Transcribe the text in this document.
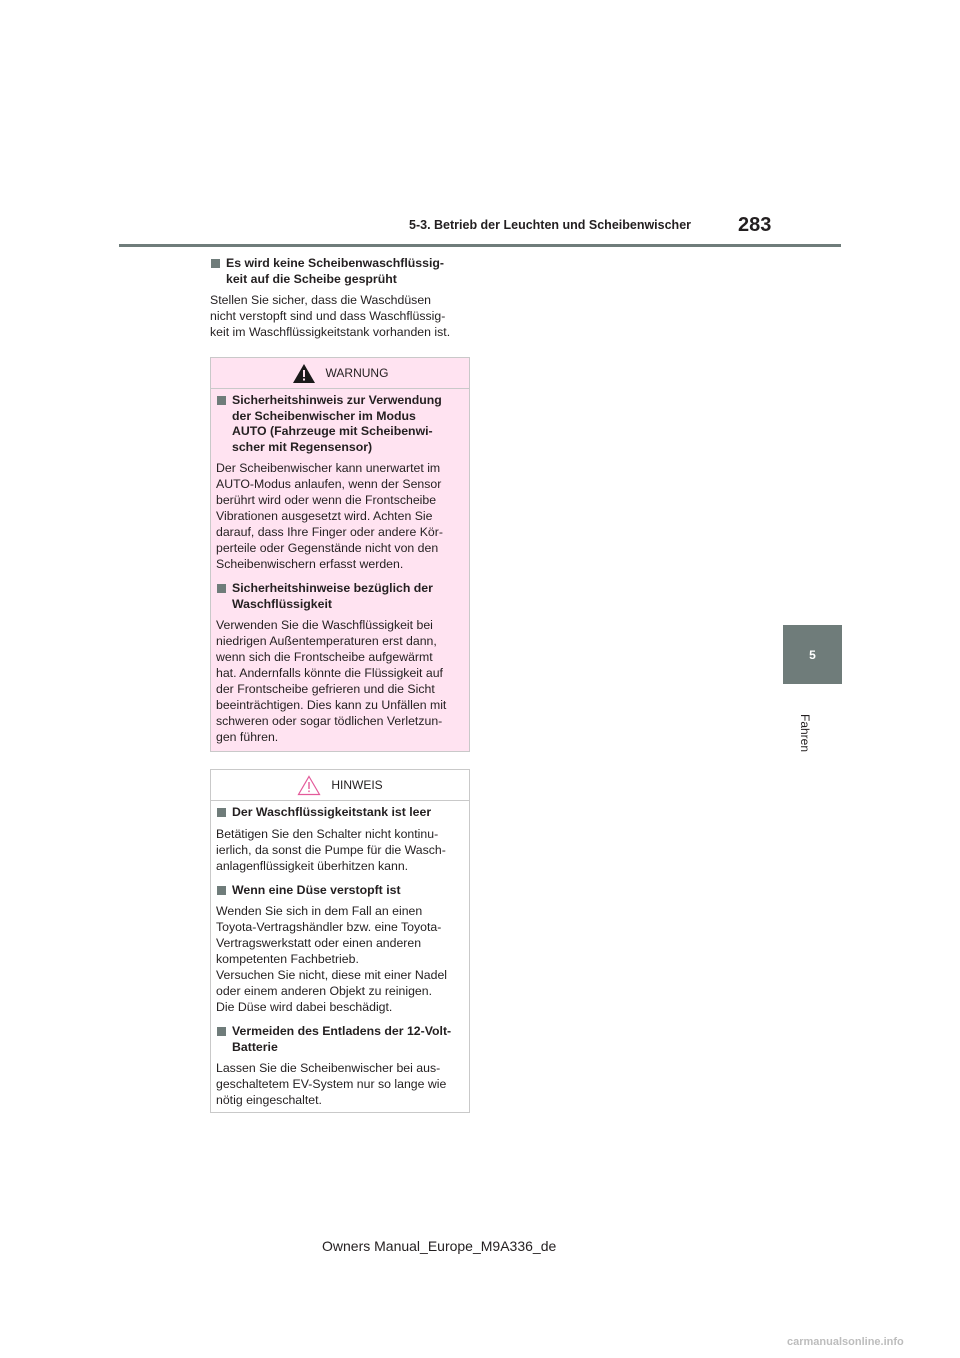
5-3. Betrieb der Leuchten und Scheibenwischer 283
5
Fahren
Es wird keine Scheibenwaschflüssig-
keit auf die Scheibe gesprüht
Stellen Sie sicher, dass die Waschdüsen
nicht verstopft sind und dass Waschflüssig-
keit im Waschflüssigkeitstank vorhanden ist.
WARNUNG
Sicherheitshinweis zur Verwendung
der Scheibenwischer im Modus
AUTO (Fahrzeuge mit Scheibenwi-
scher mit Regensensor)
Der Scheibenwischer kann unerwartet im
AUTO-Modus anlaufen, wenn der Sensor
berührt wird oder wenn die Frontscheibe
Vibrationen ausgesetzt wird. Achten Sie
darauf, dass Ihre Finger oder andere Kör-
perteile oder Gegenstände nicht von den
Scheibenwischern erfasst werden.
Sicherheitshinweise bezüglich der
Waschflüssigkeit
Verwenden Sie die Waschflüssigkeit bei
niedrigen Außentemperaturen erst dann,
wenn sich die Frontscheibe aufgewärmt
hat. Andernfalls könnte die Flüssigkeit auf
der Frontscheibe gefrieren und die Sicht
beeinträchtigen. Dies kann zu Unfällen mit
schweren oder sogar tödlichen Verletzun-
gen führen.
HINWEIS
Der Waschflüssigkeitstank ist leer
Betätigen Sie den Schalter nicht kontinu-
ierlich, da sonst die Pumpe für die Wasch-
anlagenflüssigkeit überhitzen kann.
Wenn eine Düse verstopft ist
Wenden Sie sich in dem Fall an einen
Toyota-Vertragshändler bzw. eine Toyota-
Vertragswerkstatt oder einen anderen
kompetenten Fachbetrieb.
Versuchen Sie nicht, diese mit einer Nadel
oder einem anderen Objekt zu reinigen.
Die Düse wird dabei beschädigt.
Vermeiden des Entladens der 12-Volt-
Batterie
Lassen Sie die Scheibenwischer bei aus-
geschaltetem EV-System nur so lange wie
nötig eingeschaltet.
Owners Manual_Europe_M9A336_de
carmanualsonline.info
